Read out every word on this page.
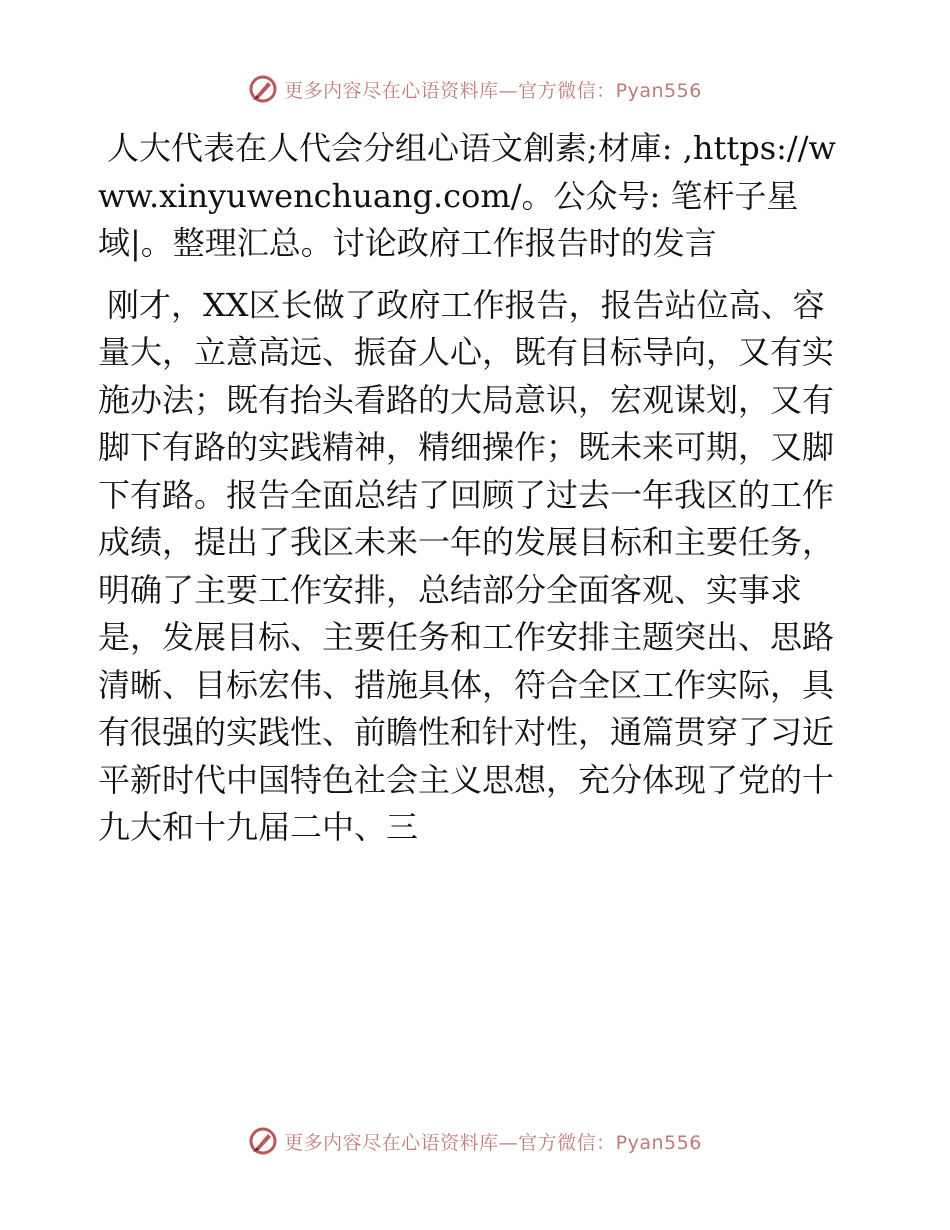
更多内容尽在心语资料库—官方微信：Pyan556

人大代表在人代会分组心语文創素;材庫: ,https://www.xinyuwenchuang.com/。公众号: 笔杆子星域|。整理汇总。讨论政府工作报告时的发言

刚才，XX区长做了政府工作报告，报告站位高、容量大，立意高远、振奋人心，既有目标导向，又有实施办法；既有抬头看路的大局意识，宏观谋划，又有脚下有路的实践精神，精细操作；既未来可期，又脚下有路。报告全面总结了回顾了过去一年我区的工作成绩，提出了我区未来一年的发展目标和主要任务，明确了主要工作安排，总结部分全面客观、实事求是，发展目标、主要任务和工作安排主题突出、思路清晰、目标宏伟、措施具体，符合全区工作实际，具有很强的实践性、前瞻性和针对性，通篇贯穿了习近平新时代中国特色社会主义思想，充分体现了党的十九大和十九届二中、三

更多内容尽在心语资料库—官方微信：Pyan556
